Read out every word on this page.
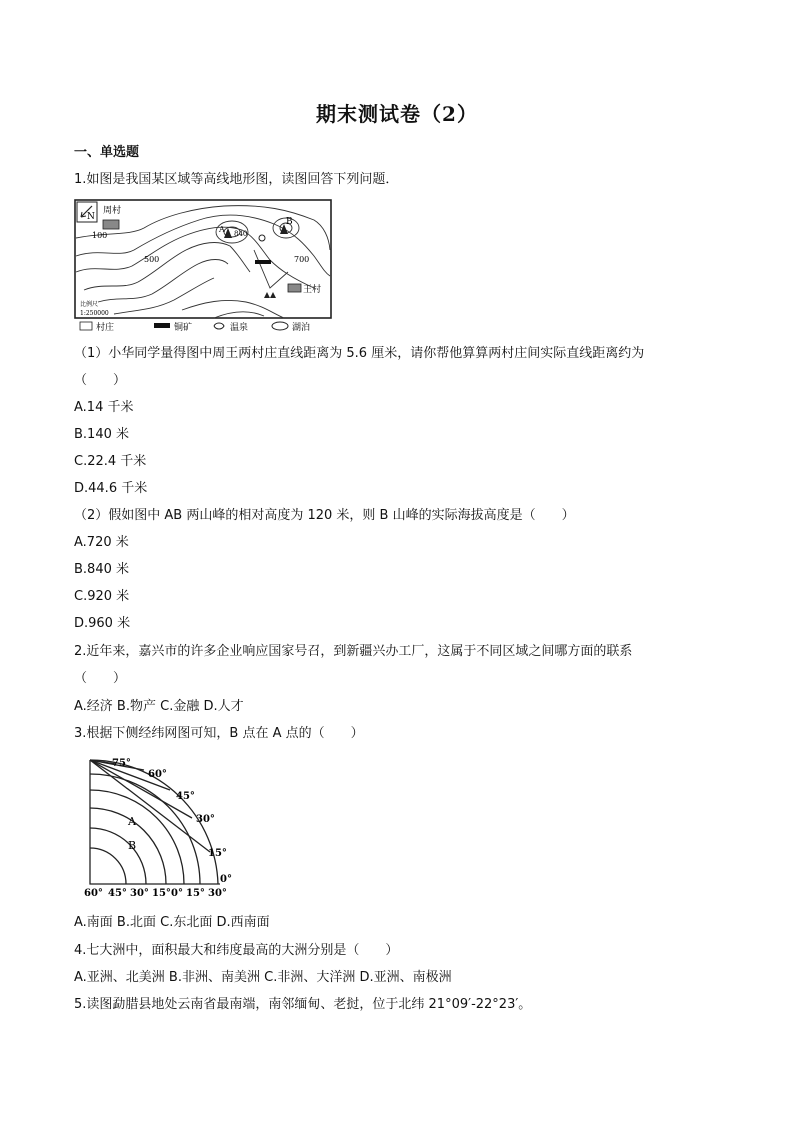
期末测试卷（2）
一、单选题
1.如图是我国某区域等高线地形图，读图回答下列问题．
N
周村
100
500	700
840
A
B
王村
比例尺
1:250000
村庄	铜矿	温泉	湖泊
（1）小华同学量得图中周王两村庄直线距离为 5.6 厘米，请你帮他算算两村庄间实际直线距离约为
（　　）
A.14 千米
B.140 米
C.22.4 千米
D.44.6 千米
（2）假如图中 AB 两山峰的相对高度为 120 米，则 B 山峰的实际海拔高度是（　　）
A.720 米
B.840 米
C.920 米
D.960 米
2.近年来，嘉兴市的许多企业响应国家号召，到新疆兴办工厂，这属于不同区域之间哪方面的联系
（　　）
A.经济 B.物产 C.金融 D.人才
3.根据下侧经纬网图可知，B 点在 A 点的（　　）
75°
60°
45°
30°
15°
0°
A
B
60° 45° 30° 15° 0° 15° 30°
A.南面 B.北面 C.东北面 D.西南面
4.七大洲中，面积最大和纬度最高的大洲分别是（　　）
A.亚洲、北美洲 B.非洲、南美洲 C.非洲、大洋洲 D.亚洲、南极洲
5.读图勐腊县地处云南省最南端，南邻缅甸、老挝，位于北纬 21°09′-22°23′。
